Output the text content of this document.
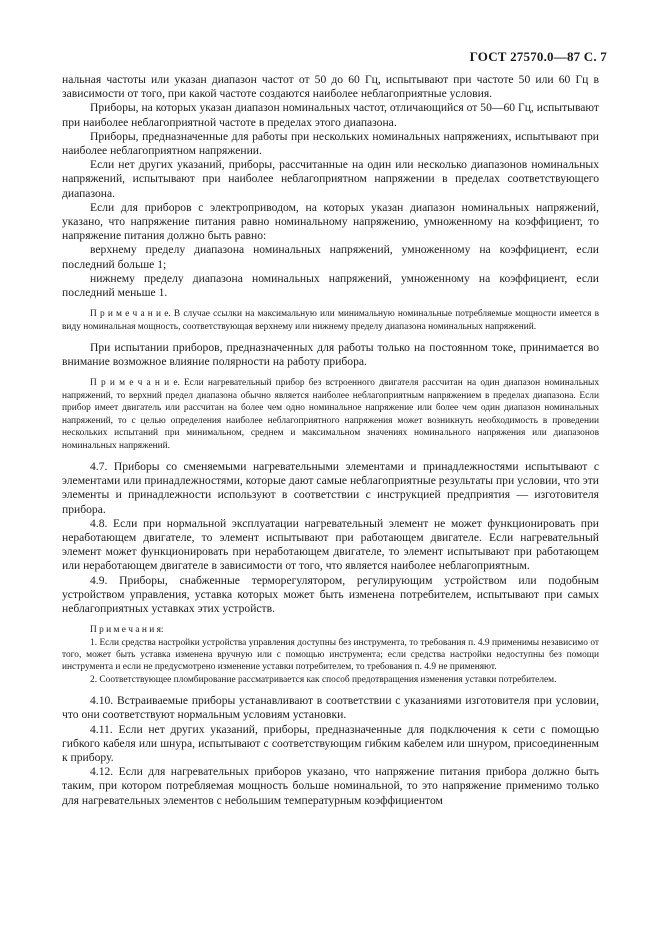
ГОСТ 27570.0—87 С. 7

нальная частоты или указан диапазон частот от 50 до 60 Гц, испытывают при частоте 50 или 60 Гц в зависимости от того, при какой частоте создаются наиболее неблагоприятные условия.

Приборы, на которых указан диапазон номинальных частот, отличающийся от 50—60 Гц, испытывают при наиболее неблагоприятной частоте в пределах этого диапазона.

Приборы, предназначенные для работы при нескольких номинальных напряжениях, испытывают при наиболее неблагоприятном напряжении.

Если нет других указаний, приборы, рассчитанные на один или несколько диапазонов номинальных напряжений, испытывают при наиболее неблагоприятном напряжении в пределах соответствующего диапазона.

Если для приборов с электроприводом, на которых указан диапазон номинальных напряжений, указано, что напряжение питания равно номинальному напряжению, умноженному на коэффициент, то напряжение питания должно быть равно:

верхнему пределу диапазона номинальных напряжений, умноженному на коэффициент, если последний больше 1;

нижнему пределу диапазона номинальных напряжений, умноженному на коэффициент, если последний меньше 1.

П р и м е ч а н и е. В случае ссылки на максимальную или минимальную номинальные потребляемые мощности имеется в виду номинальная мощность, соответствующая верхнему или нижнему пределу диапазона номинальных напряжений.

При испытании приборов, предназначенных для работы только на постоянном токе, принимается во внимание возможное влияние полярности на работу прибора.

П р и м е ч а н и е. Если нагревательный прибор без встроенного двигателя рассчитан на один диапазон номинальных напряжений, то верхний предел диапазона обычно является наиболее неблагоприятным напряжением в пределах диапазона. Если прибор имеет двигатель или рассчитан на более чем одно номинальное напряжение или более чем один диапазон номинальных напряжений, то с целью определения наиболее неблагоприятного напряжения может возникнуть необходимость в проведении нескольких испытаний при минимальном, среднем и максимальном значениях номинального напряжения или диапазонов номинальных напряжений.

4.7. Приборы со сменяемыми нагревательными элементами и принадлежностями испытывают с элементами или принадлежностями, которые дают самые неблагоприятные результаты при условии, что эти элементы и принадлежности используют в соответствии с инструкцией предприятия — изготовителя прибора.

4.8. Если при нормальной эксплуатации нагревательный элемент не может функционировать при неработающем двигателе, то элемент испытывают при работающем двигателе. Если нагревательный элемент может функционировать при неработающем двигателе, то элемент испытывают при работающем или неработающем двигателе в зависимости от того, что является наиболее неблагоприятным.

4.9. Приборы, снабженные терморегулятором, регулирующим устройством или подобным устройством управления, уставка которых может быть изменена потребителем, испытывают при самых неблагоприятных уставках этих устройств.

П р и м е ч а н и я:

1. Если средства настройки устройства управления доступны без инструмента, то требования п. 4.9 применимы независимо от того, может быть уставка изменена вручную или с помощью инструмента; если средства настройки недоступны без помощи инструмента и если не предусмотрено изменение уставки потребителем, то требования п. 4.9 не применяют.

2. Соответствующее пломбирование рассматривается как способ предотвращения изменения уставки потребителем.

4.10. Встраиваемые приборы устанавливают в соответствии с указаниями изготовителя при условии, что они соответствуют нормальным условиям установки.

4.11. Если нет других указаний, приборы, предназначенные для подключения к сети с помощью гибкого кабеля или шнура, испытывают с соответствующим гибким кабелем или шнуром, присоединенным к прибору.

4.12. Если для нагревательных приборов указано, что напряжение питания прибора должно быть таким, при котором потребляемая мощность больше номинальной, то это напряжение применимо только для нагревательных элементов с небольшим температурным коэффициентом
